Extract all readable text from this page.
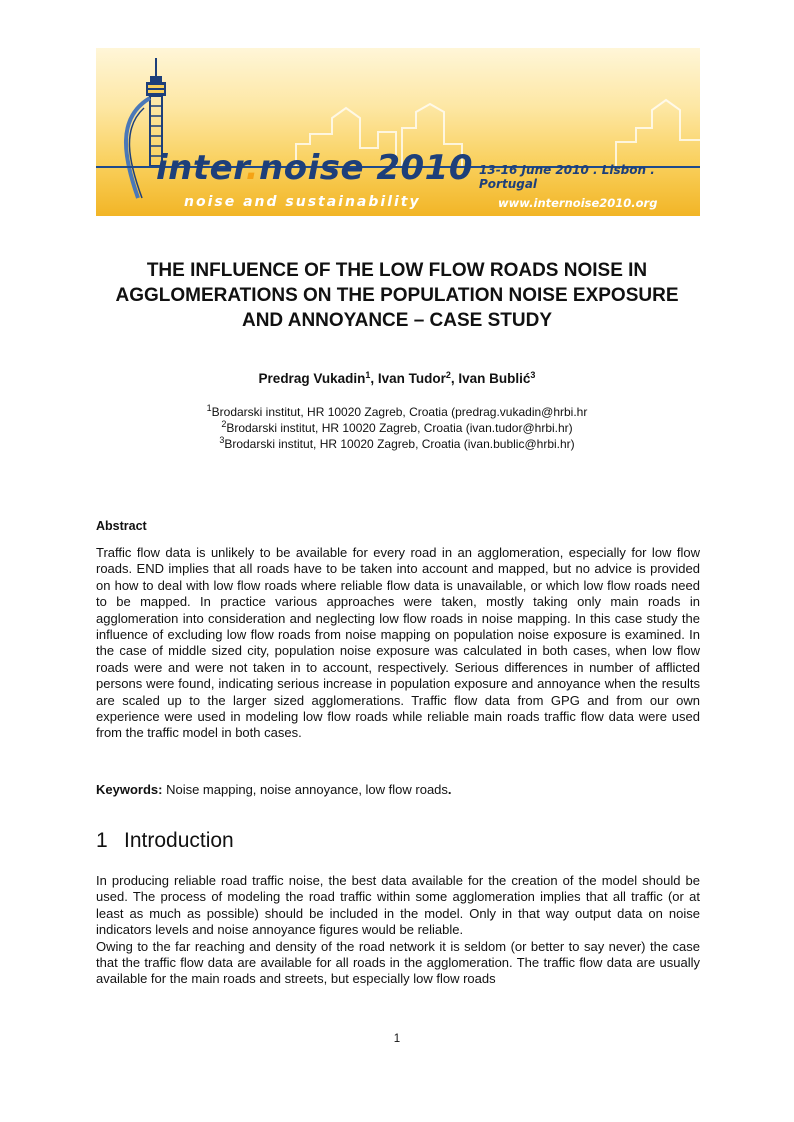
inter.noise 2010 13-16 June 2010 . Lisbon . Portugal
noise and sustainability	www.internoise2010.org
THE INFLUENCE OF THE LOW FLOW ROADS NOISE IN AGGLOMERATIONS ON THE POPULATION NOISE EXPOSURE AND ANNOYANCE – CASE STUDY
Predrag Vukadin$^1$, Ivan Tudor$^2$, Ivan Bublić$^3$
$^1$Brodarski institut, HR 10020 Zagreb, Croatia (predrag.vukadin@hrbi.hr
$^2$Brodarski institut, HR 10020 Zagreb, Croatia (ivan.tudor@hrbi.hr)
$^3$Brodarski institut, HR 10020 Zagreb, Croatia (ivan.bublic@hrbi.hr)
Abstract

Traffic flow data is unlikely to be available for every road in an agglomeration, especially for low flow roads. END implies that all roads have to be taken into account and mapped, but no advice is provided on how to deal with low flow roads where reliable flow data is unavailable, or which low flow roads need to be mapped. In practice various approaches were taken, mostly taking only main roads in agglomeration into consideration and neglecting low flow roads in noise mapping. In this case study the influence of excluding low flow roads from noise mapping on population noise exposure is examined. In the case of middle sized city, population noise exposure was calculated in both cases, when low flow roads were and were not taken in to account, respectively. Serious differences in number of afflicted persons were found, indicating serious increase in population exposure and annoyance when the results are scaled up to the larger sized agglomerations. Traffic flow data from GPG and from our own experience were used in modeling low flow roads while reliable main roads traffic flow data were used from the traffic model in both cases.

Keywords: Noise mapping, noise annoyance, low flow roads.

1 Introduction

In producing reliable road traffic noise, the best data available for the creation of the model should be used. The process of modeling the road traffic within some agglomeration implies that all traffic (or at least as much as possible) should be included in the model. Only in that way output data on noise indicators levels and noise annoyance figures would be reliable.
Owing to the far reaching and density of the road network it is seldom (or better to say never) the case that the traffic flow data are available for all roads in the agglomeration. The traffic flow data are usually available for the main roads and streets, but especially low flow roads

1
